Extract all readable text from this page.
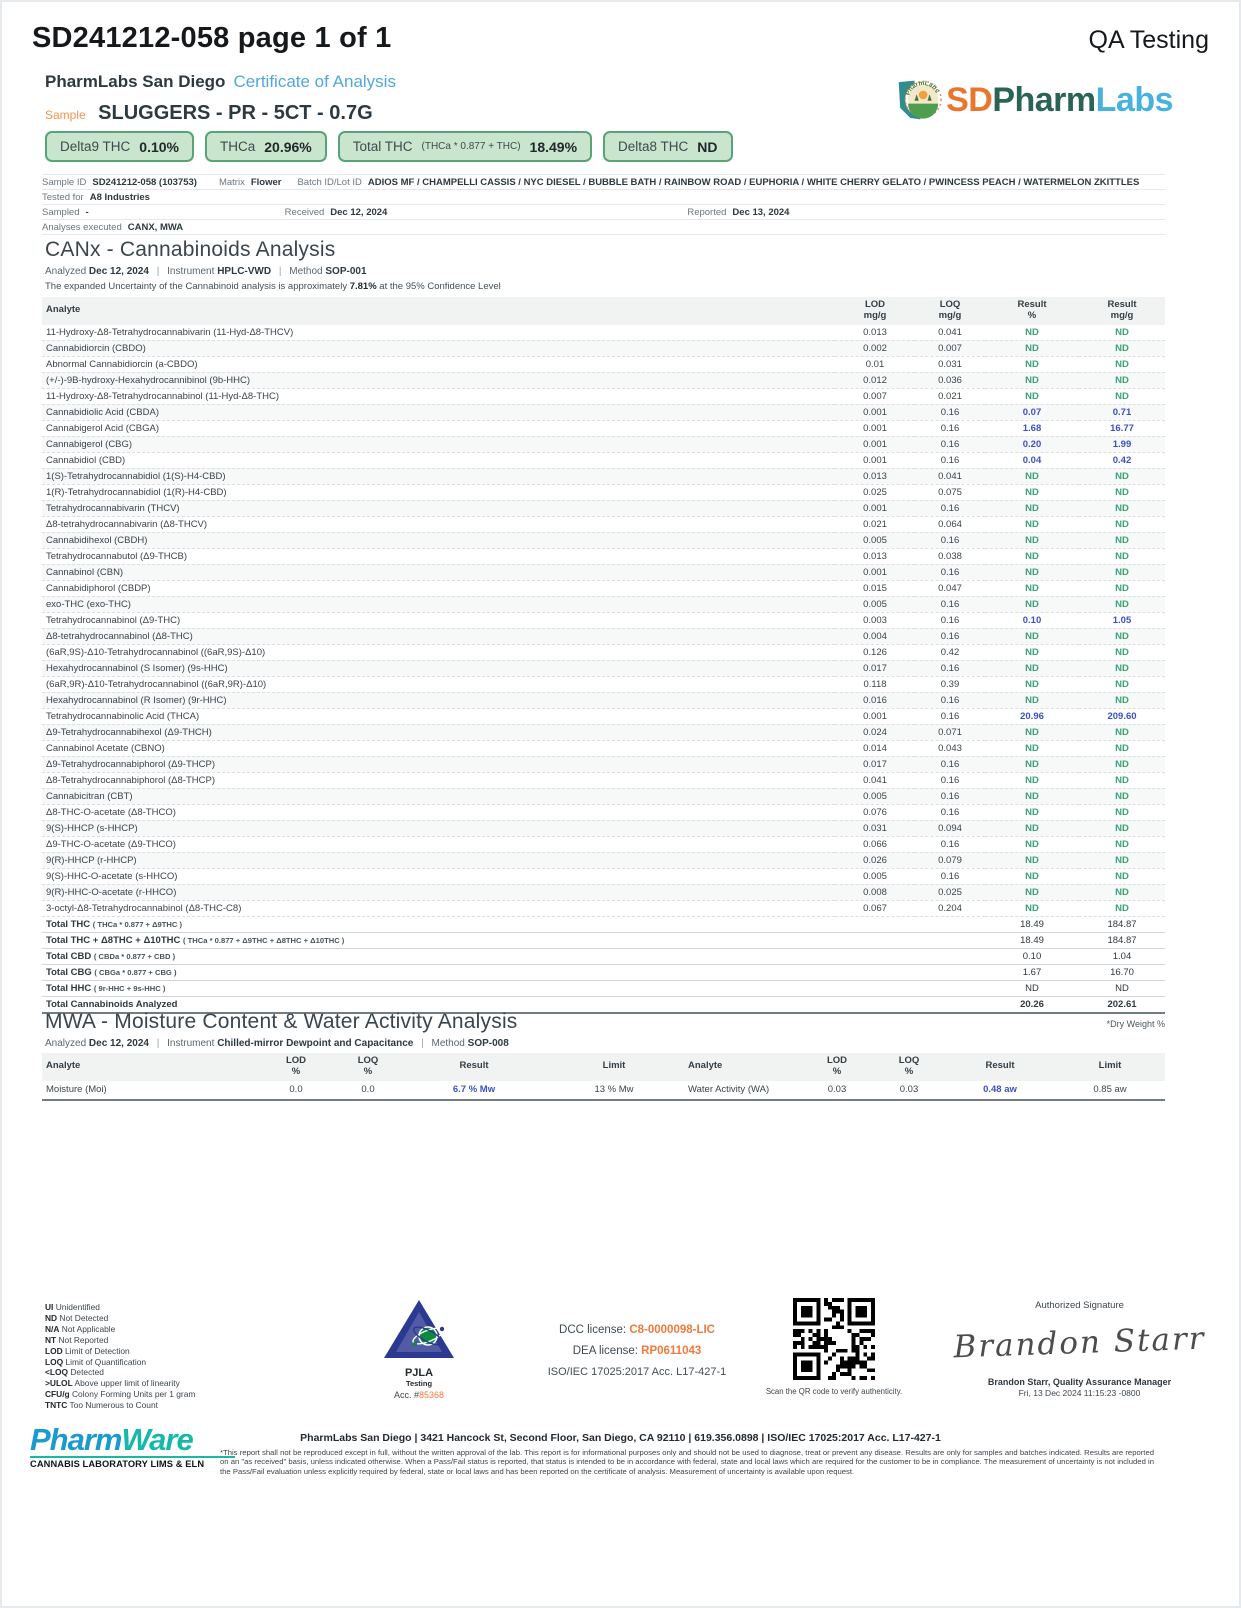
SD241212-058 page 1 of 1	QA Testing
PharmLabs San Diego Certificate of Analysis
PharmLabs SDPharmLabs
Sample SLUGGERS - PR - 5CT - 0.7G
Delta9 THC 0.10%	THCa 20.96%	Total THC (THCa * 0.877 + THC) 18.49%	Delta8 THC ND
Sample ID SD241212-058 (103753) Matrix Flower Batch ID/Lot ID ADIOS MF / CHAMPELLI CASSIS / NYC DIESEL / BUBBLE BATH / RAINBOW ROAD / EUPHORIA / WHITE CHERRY GELATO / PWINCESS PEACH / WATERMELON ZKITTLES
Tested for A8 Industries
Sampled -	Received Dec 12, 2024	Reported Dec 13, 2024
Analyses executed CANX, MWA
CANx - Cannabinoids Analysis
Analyzed Dec 12, 2024 | Instrument HPLC-VWD | Method SOP-001
The expanded Uncertainty of the Cannabinoid analysis is approximately 7.81% at the 95% Confidence Level
Analyte	LOD
mg/g

LOQ
mg/g

Result
%

Result
mg/g

11-Hydroxy-Δ8-Tetrahydrocannabivarin (11-Hyd-Δ8-THCV)	0.013	0.041	ND	ND
Cannabidiorcin (CBDO)	0.002	0.007	ND	ND
Abnormal Cannabidiorcin (a-CBDO)	0.01	0.031	ND	ND
(+/-)-9B-hydroxy-Hexahydrocannibinol (9b-HHC)	0.012	0.036	ND	ND
11-Hydroxy-Δ8-Tetrahydrocannabinol (11-Hyd-Δ8-THC)	0.007	0.021	ND	ND
Cannabidiolic Acid (CBDA)	0.001	0.16	0.07	0.71
Cannabigerol Acid (CBGA)	0.001	0.16	1.68	16.77
Cannabigerol (CBG)	0.001	0.16	0.20	1.99
Cannabidiol (CBD)	0.001	0.16	0.04	0.42
1(S)-Tetrahydrocannabidiol (1(S)-H4-CBD)	0.013	0.041	ND	ND
1(R)-Tetrahydrocannabidiol (1(R)-H4-CBD)	0.025	0.075	ND	ND
Tetrahydrocannabivarin (THCV)	0.001	0.16	ND	ND
Δ8-tetrahydrocannabivarin (Δ8-THCV)	0.021	0.064	ND	ND
Cannabidihexol (CBDH)	0.005	0.16	ND	ND
Tetrahydrocannabutol (Δ9-THCB)	0.013	0.038	ND	ND
Cannabinol (CBN)	0.001	0.16	ND	ND
Cannabidiphorol (CBDP)	0.015	0.047	ND	ND
exo-THC (exo-THC)	0.005	0.16	ND	ND
Tetrahydrocannabinol (Δ9-THC)	0.003	0.16	0.10	1.05
Δ8-tetrahydrocannabinol (Δ8-THC)	0.004	0.16	ND	ND
(6aR,9S)-Δ10-Tetrahydrocannabinol ((6aR,9S)-Δ10)	0.126	0.42	ND	ND
Hexahydrocannabinol (S Isomer) (9s-HHC)	0.017	0.16	ND	ND
(6aR,9R)-Δ10-Tetrahydrocannabinol ((6aR,9R)-Δ10)	0.118	0.39	ND	ND
Hexahydrocannabinol (R Isomer) (9r-HHC)	0.016	0.16	ND	ND
Tetrahydrocannabinolic Acid (THCA)	0.001	0.16	20.96	209.60
Δ9-Tetrahydrocannabihexol (Δ9-THCH)	0.024	0.071	ND	ND
Cannabinol Acetate (CBNO)	0.014	0.043	ND	ND
Δ9-Tetrahydrocannabiphorol (Δ9-THCP)	0.017	0.16	ND	ND
Δ8-Tetrahydrocannabiphorol (Δ8-THCP)	0.041	0.16	ND	ND
Cannabicitran (CBT)	0.005	0.16	ND	ND
Δ8-THC-O-acetate (Δ8-THCO)	0.076	0.16	ND	ND
9(S)-HHCP (s-HHCP)	0.031	0.094	ND	ND
Δ9-THC-O-acetate (Δ9-THCO)	0.066	0.16	ND	ND
9(R)-HHCP (r-HHCP)	0.026	0.079	ND	ND
9(S)-HHC-O-acetate (s-HHCO)	0.005	0.16	ND	ND
9(R)-HHC-O-acetate (r-HHCO)	0.008	0.025	ND	ND
3-octyl-Δ8-Tetrahydrocannabinol (Δ8-THC-C8)	0.067	0.204	ND	ND
Total THC ( THCa * 0.877 + Δ9THC )			18.49	184.87
Total THC + Δ8THC + Δ10THC ( THCa * 0.877 + Δ9THC + Δ8THC + Δ10THC )			18.49	184.87
Total CBD ( CBDa * 0.877 + CBD )			0.10	1.04
Total CBG ( CBGa * 0.877 + CBG )			1.67	16.70
Total HHC ( 9r-HHC + 9s-HHC )			ND	ND
Total Cannabinoids Analyzed			20.26	202.61
*Dry Weight %
MWA - Moisture Content & Water Activity Analysis
Analyzed Dec 12, 2024 | Instrument Chilled-mirror Dewpoint and Capacitance | Method SOP-008
Analyte	LOD
%

LOQ
%	Result	Limit	Analyte	LOD
%

LOQ
%	Result	Limit

Moisture (Moi)	0.0	0.0	6.7 % Mw	13 % Mw	Water Activity (WA)	0.03	0.03	0.48 aw	0.85 aw
UI Unidentified
ND Not Detected
N/A Not Applicable
NT Not Reported
LOD Limit of Detection
LOQ Limit of Quantification
<LOQ Detected
>ULOL Above upper limit of linearity
CFU/g Colony Forming Units per 1 gram
TNTC Too Numerous to Count
PJLA
Testing
Acc. #85368
DCC license: C8-0000098-LIC
DEA license: RP0611043
ISO/IEC 17025:2017 Acc. L17-427-1
Scan the QR code to verify authenticity.
Authorized Signature
Brandon Starr
Brandon Starr, Quality Assurance Manager
Fri, 13 Dec 2024 11:15:23 -0800
PharmLabs San Diego | 3421 Hancock St, Second Floor, San Diego, CA 92110 | 619.356.0898 | ISO/IEC 17025:2017 Acc. L17-427-1
*This report shall not be reproduced except in full, without the written approval of the lab. This report is for informational purposes only and should not be used to diagnose, treat or prevent any disease. Results are only for samples and batches indicated. Results are reported on an "as received" basis, unless indicated otherwise. When a Pass/Fail status is reported, that status is intended to be in accordance with federal, state and local laws which are required for the customer to be in compliance. The measurement of uncertainty is not included in the Pass/Fail evaluation unless explicitly required by federal, state or local laws and has been reported on the certificate of analysis. Measurement of uncertainty is available upon request.
PharmWare
CANNABIS LABORATORY LIMS & ELN
